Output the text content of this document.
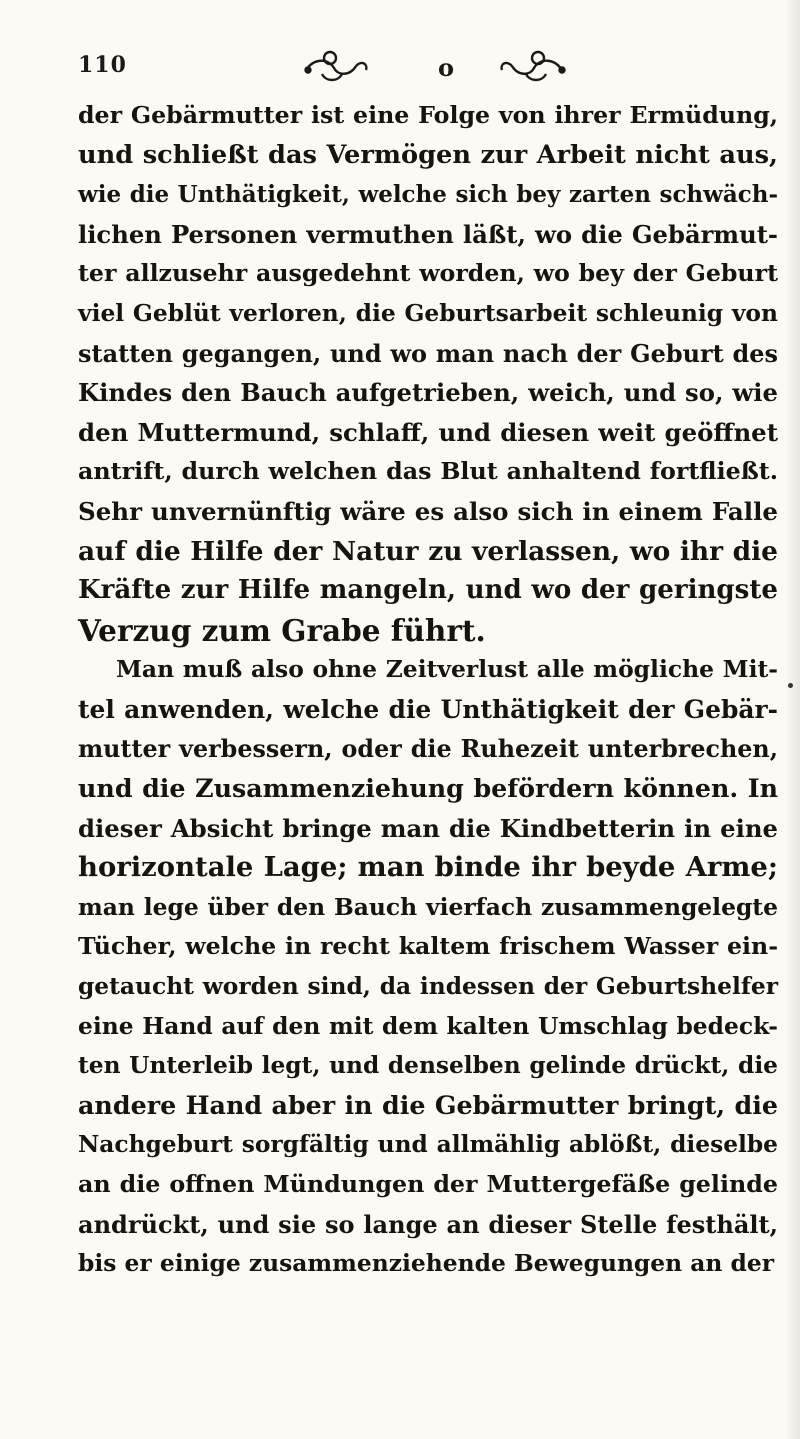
110	o
der Gebärmutter ist eine Folge von ihrer Ermüdung,
und schließt das Vermögen zur Arbeit nicht aus,
wie die Unthätigkeit, welche sich bey zarten schwäch-
lichen Personen vermuthen läßt, wo die Gebärmut-
ter allzusehr ausgedehnt worden, wo bey der Geburt
viel Geblüt verloren, die Geburtsarbeit schleunig von
statten gegangen, und wo man nach der Geburt des
Kindes den Bauch aufgetrieben, weich, und so, wie
den Muttermund, schlaff, und diesen weit geöffnet
antrift, durch welchen das Blut anhaltend fortfließt.
Sehr unvernünftig wäre es also sich in einem Falle
auf die Hilfe der Natur zu verlassen, wo ihr die
Kräfte zur Hilfe mangeln, und wo der geringste
Verzug zum Grabe führt.
Man muß also ohne Zeitverlust alle mögliche Mit-
tel anwenden, welche die Unthätigkeit der Gebär-
mutter verbessern, oder die Ruhezeit unterbrechen,
und die Zusammenziehung befördern können. In
dieser Absicht bringe man die Kindbetterin in eine
horizontale Lage; man binde ihr beyde Arme;
man lege über den Bauch vierfach zusammengelegte
Tücher, welche in recht kaltem frischem Wasser ein-
getaucht worden sind, da indessen der Geburtshelfer
eine Hand auf den mit dem kalten Umschlag bedeck-
ten Unterleib legt, und denselben gelinde drückt, die
andere Hand aber in die Gebärmutter bringt, die
Nachgeburt sorgfältig und allmählig ablößt, dieselbe
an die offnen Mündungen der Muttergefäße gelinde
andrückt, und sie so lange an dieser Stelle festhält,
bis er einige zusammenziehende Bewegungen an der
